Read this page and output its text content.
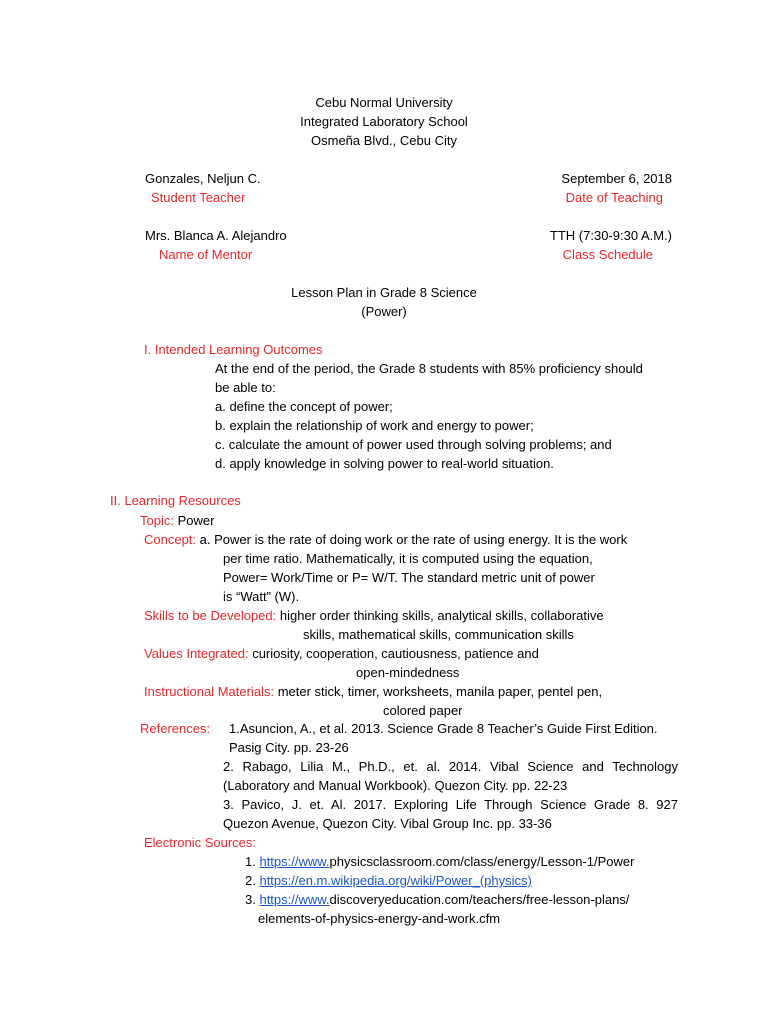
Cebu Normal University
Integrated Laboratory School
Osmeña Blvd., Cebu City
Gonzales, Neljun C.
Student Teacher
September 6, 2018
Date of Teaching
Mrs. Blanca A. Alejandro
Name of Mentor
TTH (7:30-9:30 A.M.)
Class Schedule
Lesson Plan in Grade 8 Science
(Power)
I. Intended Learning Outcomes
At the end of the period, the Grade 8 students with 85% proficiency should
be able to:
a. define the concept of power;
b. explain the relationship of work and energy to power;
c. calculate the amount of power used through solving problems; and
d. apply knowledge in solving power to real-world situation.
II. Learning Resources
Topic: Power
Concept: a. Power is the rate of doing work or the rate of using energy. It is the work
per time ratio. Mathematically, it is computed using the equation,
Power= Work/Time or P= W/T. The standard metric unit of power
is “Watt” (W).
Skills to be Developed: higher order thinking skills, analytical skills, collaborative
skills, mathematical skills, communication skills
Values Integrated: curiosity, cooperation, cautiousness, patience and
open-mindedness
Instructional Materials: meter stick, timer, worksheets, manila paper, pentel pen,
colored paper
References: 1.Asuncion, A., et al. 2013. Science Grade 8 Teacher’s Guide First Edition.
Pasig City. pp. 23-26
2. Rabago, Lilia M., Ph.D., et. al. 2014. Vibal Science and Technology
(Laboratory and Manual Workbook). Quezon City. pp. 22-23
3. Pavico, J. et. Al. 2017. Exploring Life Through Science Grade 8. 927
Quezon Avenue, Quezon City. Vibal Group Inc. pp. 33-36
Electronic Sources:
1. https://www.physicsclassroom.com/class/energy/Lesson-1/Power
2. https://en.m.wikipedia.org/wiki/Power_(physics)
3. https://www.discoveryeducation.com/teachers/free-lesson-plans/
elements-of-physics-energy-and-work.cfm
